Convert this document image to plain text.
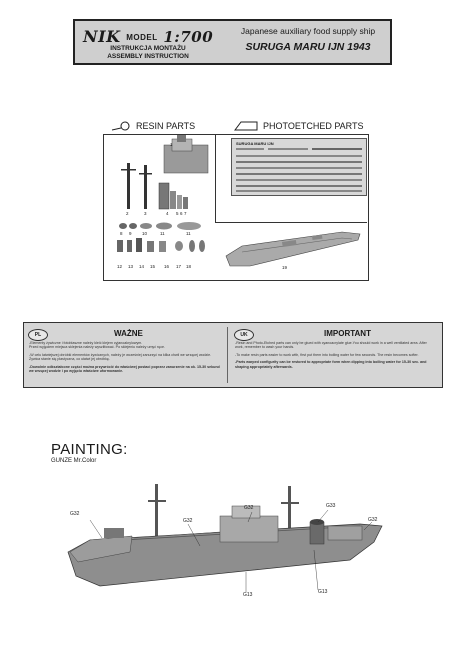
NIK MODEL 1:700
INSTRUKCJA MONTAŻU
ASSEMBLY INSTRUCTION
Japanese auxiliary food supply ship
SURUGA MARU IJN 1943
RESIN PARTS	PHOTOETCHED PARTS
1
2	3	4 5 6 7
8 9 10	11	11
12 13 14 15 16 17 18
SURUGA MARU IJN
19
PL	WAŻNE
-Elementy żywiczne i fotoblaszne należy kleić klejem cyjanoakrylowym.
Przed wyjęciem miejsca sklejenia należy wyszlifować. Po sklejeniu należy umyć ręce.
-W celu łatwiejszej obróbki elementów żywicznych, należy je wcześniej zanurzyć na kilka chwil we wrzącej wodzie. Żywica stanie się plastyczna, co ułatwi jej obróbkę.
-Dowolnie odkształcone części można przywrócić do właściwej postaci poprzez zanurzenie na ok. 15-30 sekund we wrzącej wodzie i po wyjęciu właściwe uformowanie.
UK	IMPORTANT
-Resin and Photo-Etched parts can only be glued with cyanoacrylate glue.You should work in a well ventilated area. After work, remember to wash your hands.
-To make resin parts easier to work with, first put them into boiling water for few seconds. The resin becomes softer.
-Parts warped configurity can be restored to appropriate form when dipping into boiling water for 15-30 sec. and shaping appropriately afterwards.
PAINTING:
GUNZE Mr.Color
G32
G32
G32	G33
G32
G13	G13
